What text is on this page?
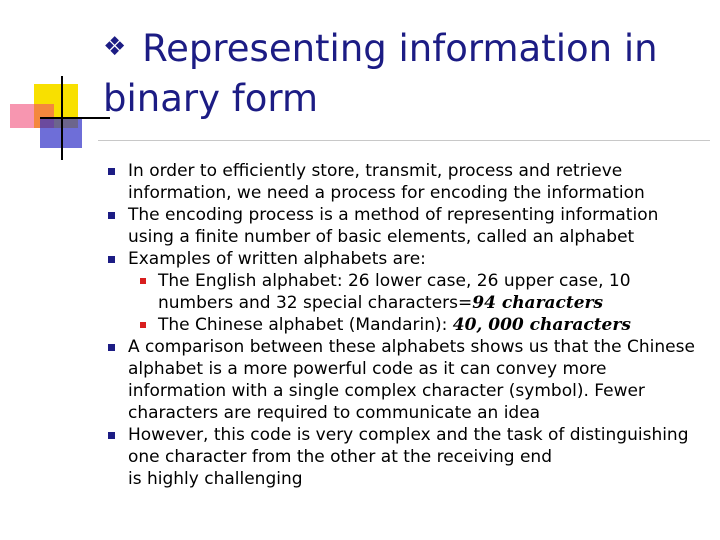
❖ Representing information in binary form
In order to efficiently store, transmit, process and retrieve information, we need a process for encoding the information
The encoding process is a method of representing information using a finite number of basic elements, called an alphabet
Examples of written alphabets are:
The English alphabet: 26 lower case, 26 upper case, 10 numbers and 32 special characters=94 characters
The Chinese alphabet (Mandarin): 40, 000 characters
A comparison between these alphabets shows us that the Chinese alphabet is a more powerful code as it can convey more information with a single complex character (symbol). Fewer characters are required to communicate an idea
However, this code is very complex and the task of distinguishing one character from the other at the receiving end
is highly challenging
